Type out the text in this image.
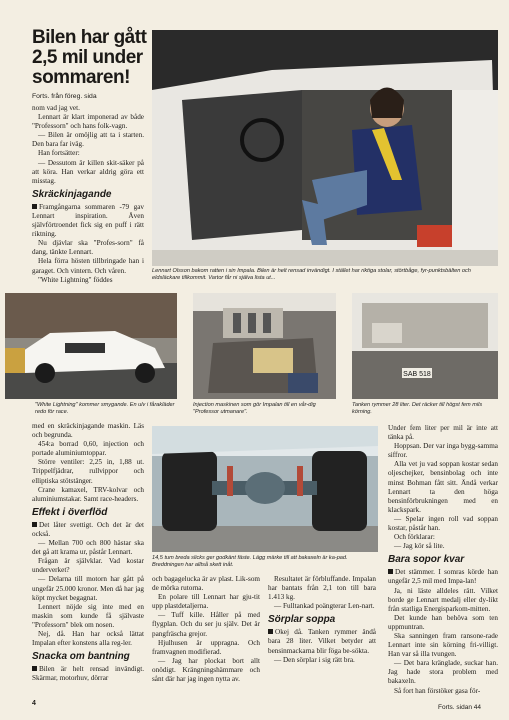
Bilen har gått 2,5 mil under sommaren!
Forts. från föreg. sida

nom vad jag vet.

Lennart är klart imponerad av både "Professorn" och hans folk-vagn.

— Bilen är omöjlig att ta i starten. Den bara far iväg.

Han fortsätter:

— Dessutom är killen skit-säker på att köra. Han verkar aldrig göra ett misstag.

Skräckinjagande

Framgångarna sommaren -79 gav Lennart inspiration. Även självförtroendet fick sig en puff i rätt riktning.

Nu djävlar ska "Profes-sorn" få dang, tänkte Lennart.

Hela förra hösten tillbringade han i garaget. Och vintern. Och våren.

"White Lightning" föddes

Lennart Olsson bakom ratten i sin Impala. Bilen är helt rensad invändigt. I stället har riktiga stolar, störtbåge, fyr-punktsbälten och eldsläckare tillkommit. Vartor får ni själva lista ut...
SAB 518
"White Lightning" kommer smygande. En ulv i fårakläder redo för race.
Injection maskinen som gör Impalan till en vår-dig "Professor utmanare".
Tanken rymmer 28 liter. Det räcker till högst fem mils körning.

med en skräckinjagande maskin. Läs och begrunda.

454:a borrad 0,60, injection och portade aluminiumtoppar.

Större ventiler: 2,25 in, 1,88 ut. Trippelfjädrar, rullvippor och elliptiska stötstänger.

Crane kamaxel, TRV-kolvar och aluminiumstakar. Samt race-headers.

Effekt i överflöd

Det låter svettigt. Och det är det också.

— Mellan 700 och 800 hästar ska det gå att krama ur, påstår Lennart.

Frågan är självklar. Vad kostar underverket?

— Delarna till motorn har gått på ungefär 25.000 kronor. Men då har jag köpt mycket begagnat.

Lennert nöjde sig inte med en maskin som kunde få självaste "Professorn" blek om nosen.

Nej, då. Han har också lättat Impalan efter konstens alla reg-ler.

Snacka om bantning

Bilen är helt rensad invändigt. Skärmar, motorhuv, dörrar

14,5 tum breda slicks ger godkänt fäste. Lägg märke till att bakaxeln är ka-pad. Breddningen har alltså skett inåt.

och bagagelucka är av plast. Lik-som de mörka rutorna.

En polare till Lennart har gju-tit upp plastdetaljerna.

— Tuff kille. Håller på med flygplan. Och du ser ju själv. Det är pangfräscha grejor.

Hjulhusen är uppragna. Och framvagnen modifierad.

— Jag har plockat bort allt onödigt. Krängningshämmare och sånt där har jag ingen nytta av.

Resultatet är förbluffande. Impalan har bantats från 2,1 ton till bara 1.413 kg.

— Fulltankad poängterar Len-nart.

Sörplar soppa

Okej då. Tanken rymmer ändå bara 28 liter. Vilket betyder att bensinmackarna blir föga be-sökta.

— Den sörplar i sig rätt bra.

Under fem liter per mil är inte att tänka på.

Hoppsan. Der var inga bygg-samma siffror.

Alla vet ju vad soppan kostar sedan oljeschejker, bensinbolag och inte minst Bohman fått sitt. Ändå verkar Lennart ta den höga bensinförbrukningen med en klackspark.

— Spelar ingen roll vad soppan kostar, påstår han.

Och förklarar:

— Jag kör så lite.

Bara sopor kvar

Det stämmer. I somras körde han ungefär 2,5 mil med Impa-lan!

Ja, ni läste alldeles rätt. Vilket borde ge Lennart medalj eller dy-likt från statliga Energisparkom-mitten.

Det kunde han behöva som ten uppmuntran.

Ska sanningen fram ransone-rade Lennart inte sin körning fri-villigt. Han var så illa tvungen.

— Det bara kränglade, suckar han. Jag hade stora problem med bakaxeln.

Så fort han förstöker gasa för-

4
Forts. sidan 44
